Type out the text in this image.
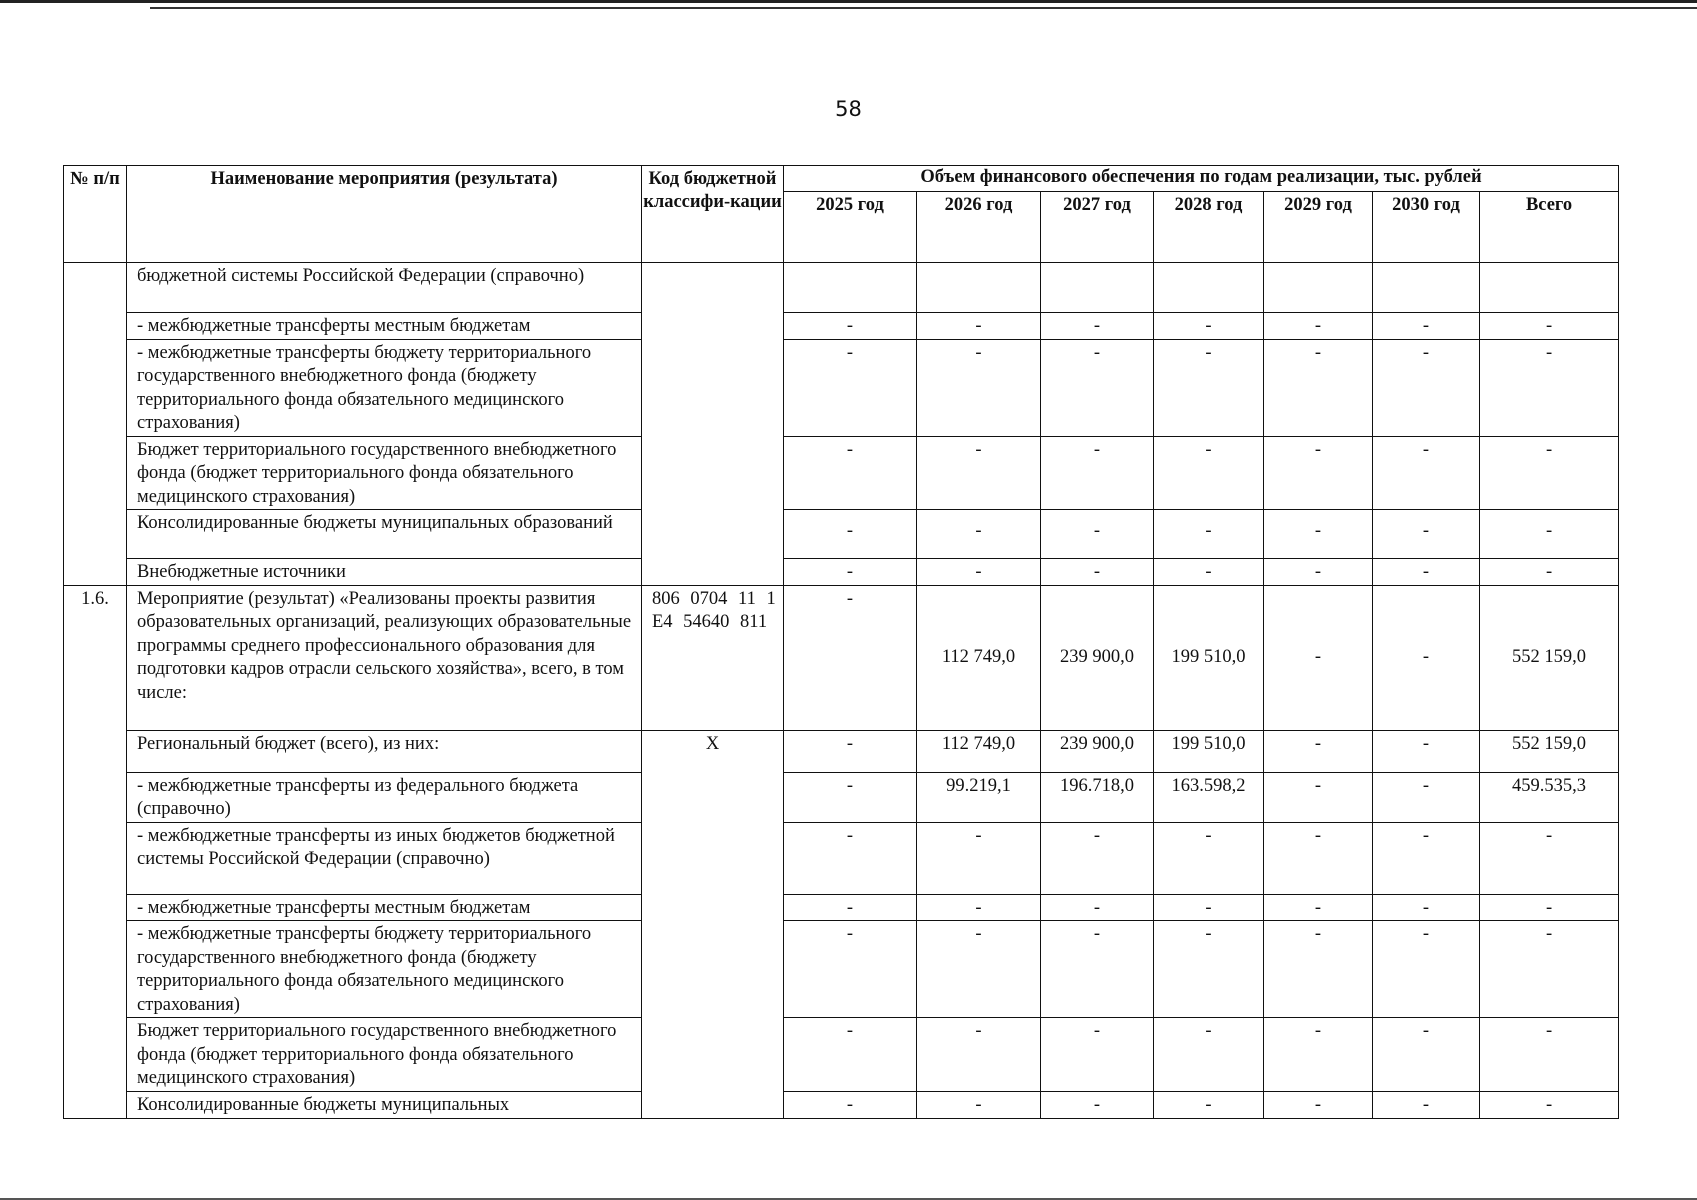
58
№ п/п	Наименование мероприятия (результата)	Код бюджетной классифи-кации	Объем финансового обеспечения по годам реализации, тыс. рублей						
			2025 год	2026 год	2027 год	2028 год	2029 год	2030 год	Всего
	бюджетной системы Российской Федерации (справочно)								
	- межбюджетные трансферты местным бюджетам		-	-	-	-	-	-	-
	- межбюджетные трансферты бюджету территориального государственного внебюджетного фонда (бюджету территориального фонда обязательного медицинского страхования)		-	-	-	-	-	-	-
	Бюджет территориального государственного внебюджетного фонда (бюджет территориального фонда обязательного медицинского страхования)		-	-	-	-	-	-	-
	Консолидированные бюджеты муниципальных образований		-	-	-	-	-	-	-
	Внебюджетные источники		-	-	-	-	-	-	-
1.6.	Мероприятие (результат) «Реализованы проекты развития образовательных организаций, реализующих образовательные программы среднего профессионального образования для подготовки кадров отрасли сельского хозяйства», всего, в том числе:	806 0704 11 1 E4 54640 811	-	112 749,0	239 900,0	199 510,0	-	-	552 159,0
	Региональный бюджет (всего), из них:	X	-	112 749,0	239 900,0	199 510,0	-	-	552 159,0
	- межбюджетные трансферты из федерального бюджета (справочно)		-	99.219,1	196.718,0	163.598,2	-	-	459.535,3
	- межбюджетные трансферты из иных бюджетов бюджетной системы Российской Федерации (справочно)		-	-	-	-	-	-	-
	- межбюджетные трансферты местным бюджетам		-	-	-	-	-	-	-
	- межбюджетные трансферты бюджету территориального государственного внебюджетного фонда (бюджету территориального фонда обязательного медицинского страхования)		-	-	-	-	-	-	-
	Бюджет территориального государственного внебюджетного фонда (бюджет территориального фонда обязательного медицинского страхования)		-	-	-	-	-	-	-
	Консолидированные бюджеты муниципальных		-	-	-	-	-	-	-
